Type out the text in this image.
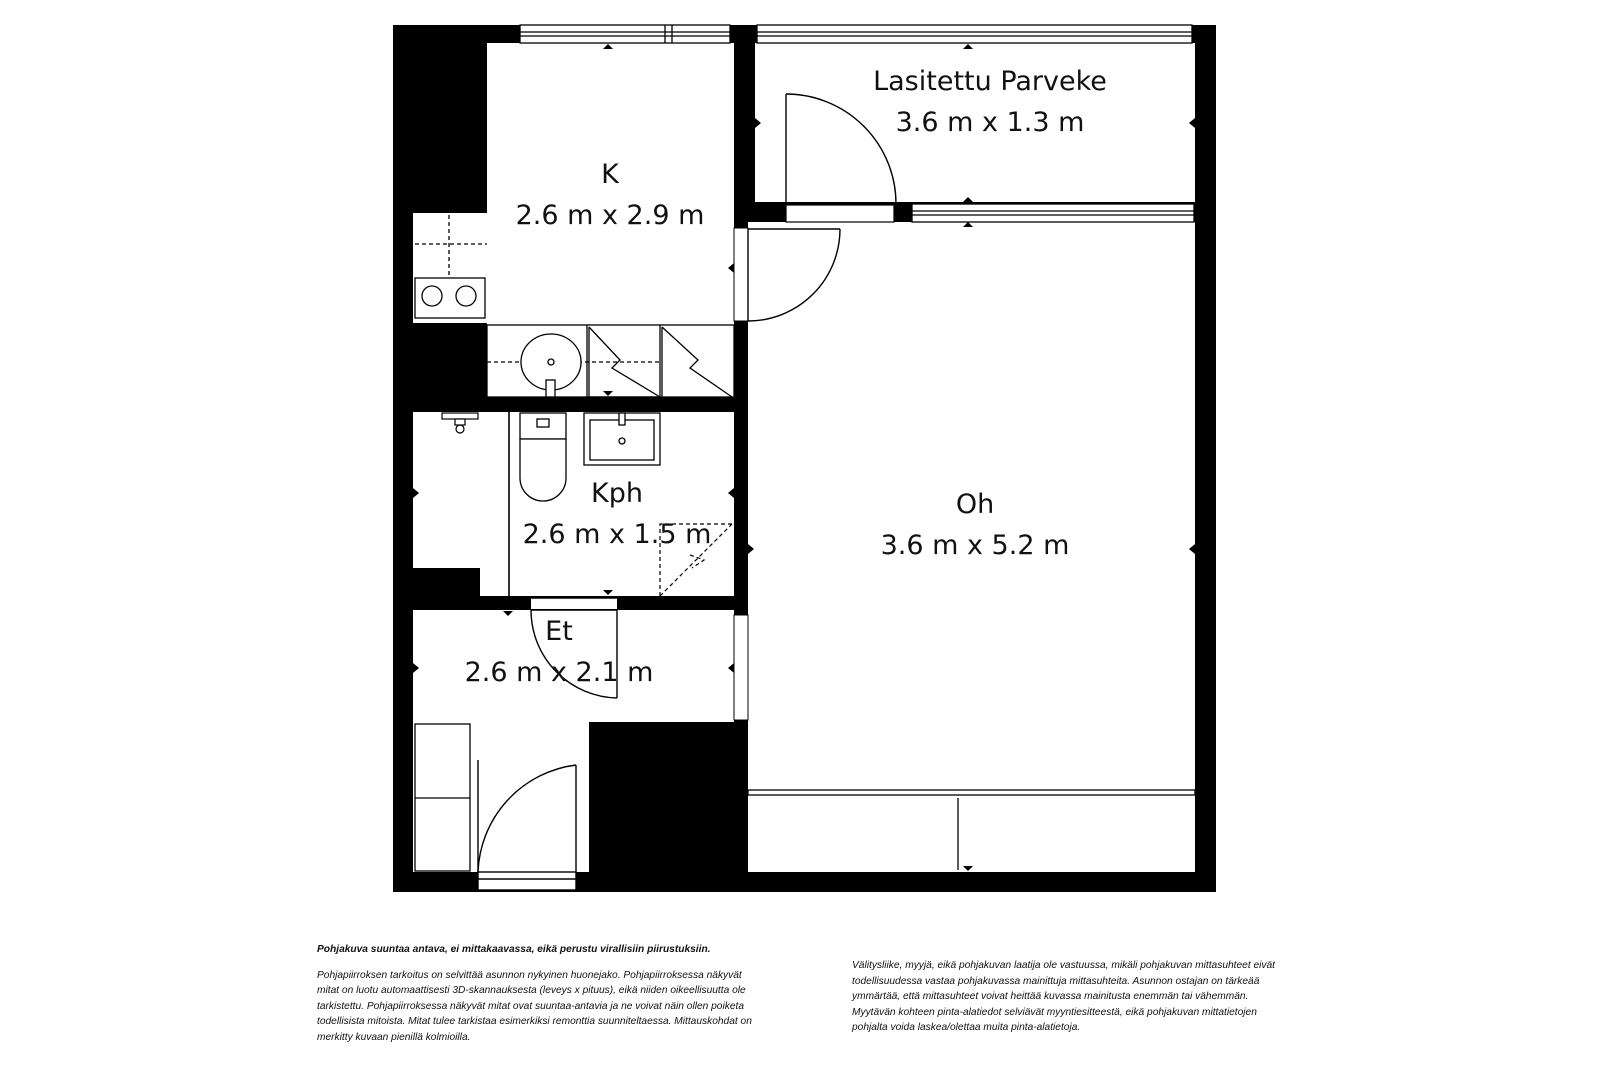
Lasitettu Parveke
3.6 m x 1.3 m
K
2.6 m x 2.9 m
Kph
2.6 m x 1.5 m
Oh
3.6 m x 5.2 m
Et
2.6 m x 2.1 m

Pohjakuva suuntaa antava, ei mittakaavassa, eikä perustu virallisiin piirustuksiin.

Pohjapiirroksen tarkoitus on selvittää asunnon nykyinen huonejako. Pohjapiirroksessa näkyvät mitat on luotu automaattisesti 3D-skannauksesta (leveys x pituus), eikä niiden oikeellisuutta ole tarkistettu. Pohjapiirroksessa näkyvät mitat ovat suuntaa-antavia ja ne voivat näin ollen poiketa todellisista mitoista. Mitat tulee tarkistaa esimerkiksi remonttia suunniteltaessa. Mittauskohdat on merkitty kuvaan pienillä kolmioilla.

Välitysliike, myyjä, eikä pohjakuvan laatija ole vastuussa, mikäli pohjakuvan mittasuhteet eivät todellisuudessa vastaa pohjakuvassa mainittuja mittasuhteita. Asunnon ostajan on tärkeää ymmärtää, että mittasuhteet voivat heittää kuvassa mainitusta enemmän tai vähemmän. Myytävän kohteen pinta-alatiedot selviävät myyntiesitteestä, eikä pohjakuvan mittatietojen pohjalta voida laskea/olettaa muita pinta-alatietoja.
